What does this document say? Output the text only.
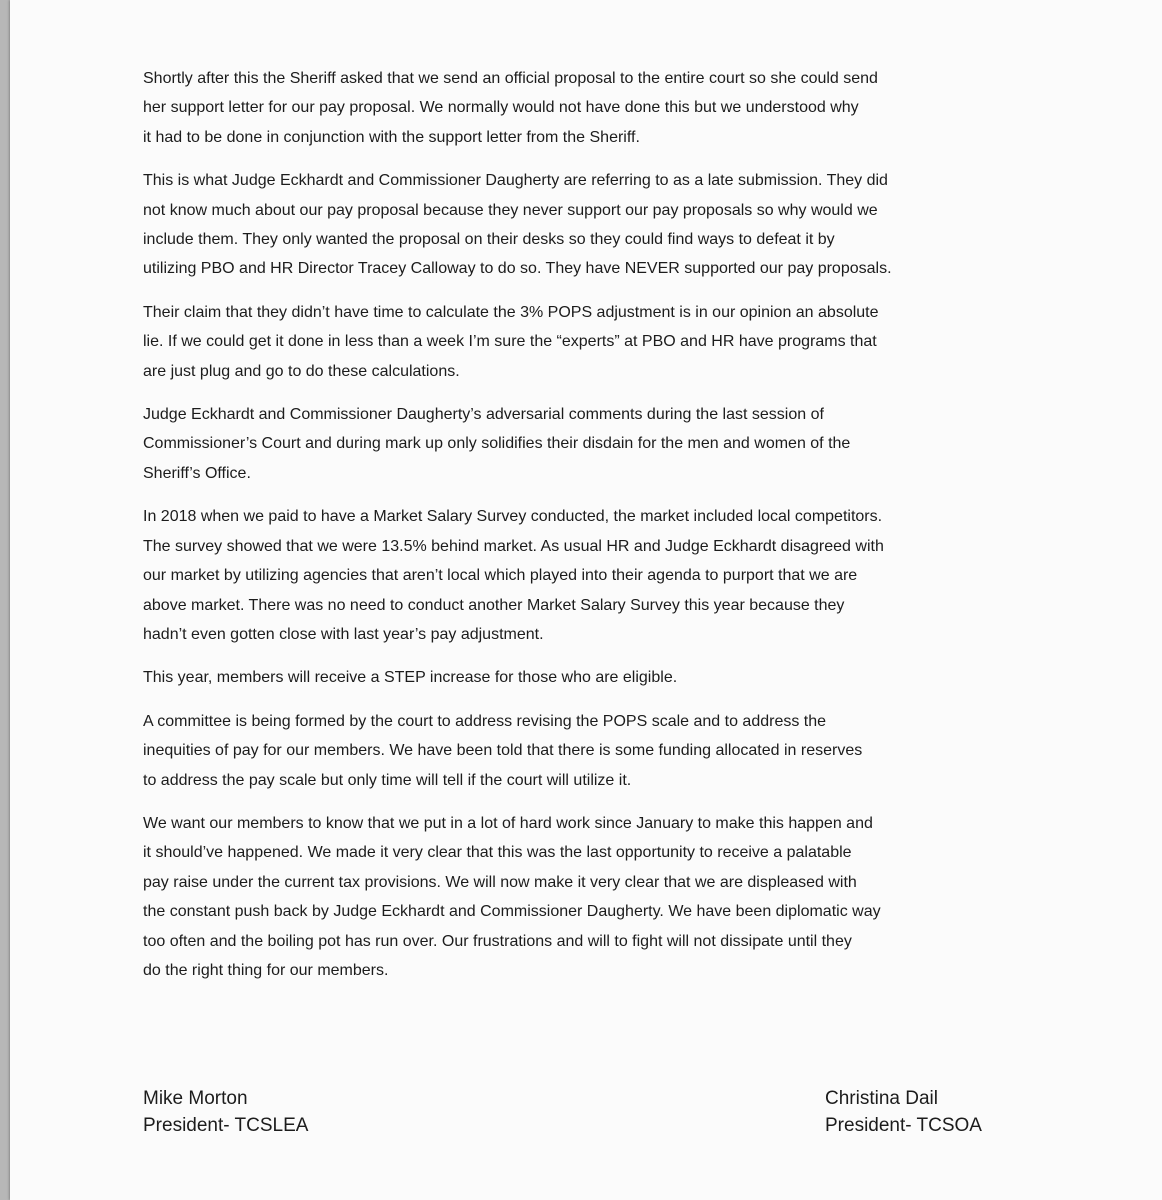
Shortly after this the Sheriff asked that we send an official proposal to the entire court so she could send
her support letter for our pay proposal. We normally would not have done this but we understood why
it had to be done in conjunction with the support letter from the Sheriff.

This is what Judge Eckhardt and Commissioner Daugherty are referring to as a late submission. They did
not know much about our pay proposal because they never support our pay proposals so why would we
include them. They only wanted the proposal on their desks so they could find ways to defeat it by
utilizing PBO and HR Director Tracey Calloway to do so. They have NEVER supported our pay proposals.

Their claim that they didn’t have time to calculate the 3% POPS adjustment is in our opinion an absolute
lie. If we could get it done in less than a week I’m sure the “experts” at PBO and HR have programs that
are just plug and go to do these calculations.

Judge Eckhardt and Commissioner Daugherty’s adversarial comments during the last session of
Commissioner’s Court and during mark up only solidifies their disdain for the men and women of the
Sheriff’s Office.

In 2018 when we paid to have a Market Salary Survey conducted, the market included local competitors.
The survey showed that we were 13.5% behind market. As usual HR and Judge Eckhardt disagreed with
our market by utilizing agencies that aren’t local which played into their agenda to purport that we are
above market. There was no need to conduct another Market Salary Survey this year because they
hadn’t even gotten close with last year’s pay adjustment.

This year, members will receive a STEP increase for those who are eligible.

A committee is being formed by the court to address revising the POPS scale and to address the
inequities of pay for our members. We have been told that there is some funding allocated in reserves
to address the pay scale but only time will tell if the court will utilize it.

We want our members to know that we put in a lot of hard work since January to make this happen and
it should’ve happened. We made it very clear that this was the last opportunity to receive a palatable
pay raise under the current tax provisions. We will now make it very clear that we are displeased with
the constant push back by Judge Eckhardt and Commissioner Daugherty. We have been diplomatic way
too often and the boiling pot has run over. Our frustrations and will to fight will not dissipate until they
do the right thing for our members.

Mike Morton
President- TCSLEA
Christina Dail
President- TCSOA
